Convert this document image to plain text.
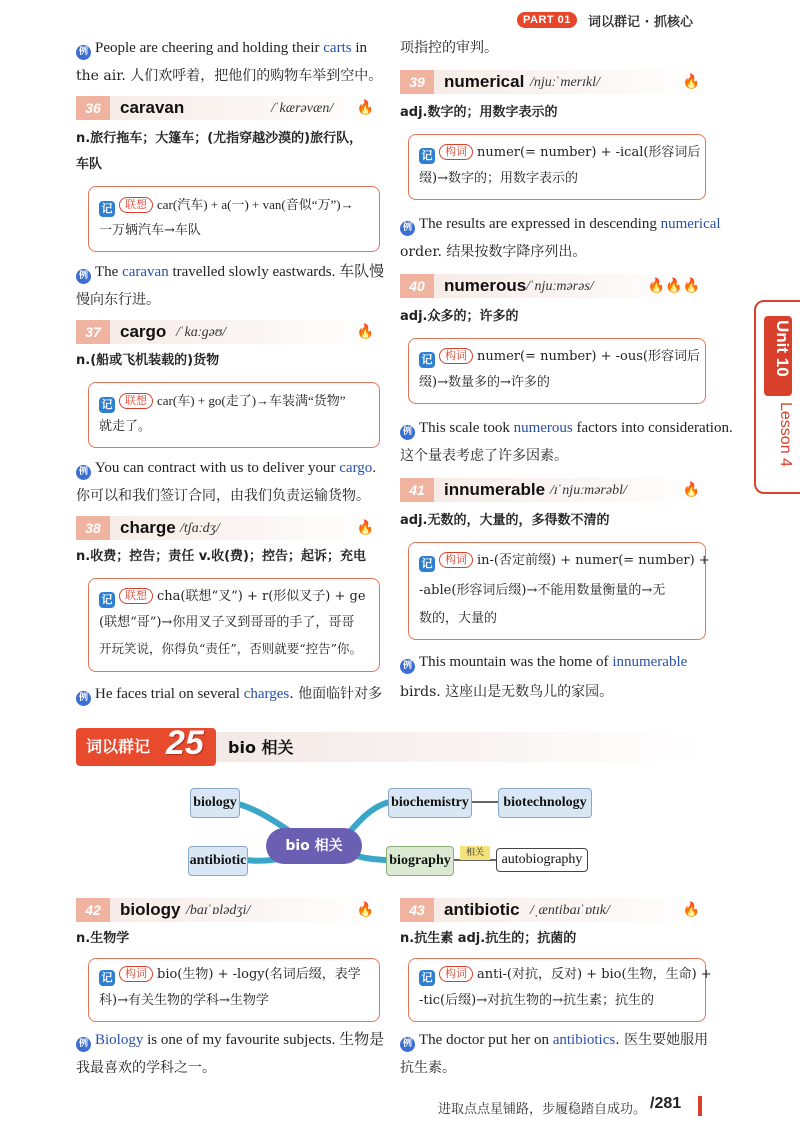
PART 01	词以群记 · 抓核心
Unit 10
Lesson 4
例 People are cheering and holding their carts in
the air. 人们欢呼着，把他们的购物车举到空中。
36	caravan	/ˈkærəvæn/ 🔥
n.旅行拖车；大篷车；(尤指穿越沙漠的)旅行队，
车队
记 联想 car(汽车) + a(一) + van(音似“万”)→
一万辆汽车→车队
例 The caravan travelled slowly eastwards. 车队慢
慢向东行进。
37	cargo /ˈkɑːgəʊ/	🔥
n.(船或飞机装载的)货物
记 联想 car(车) + go(走了)→车装满“货物”
就走了。
例 You can contract with us to deliver your cargo.
你可以和我们签订合同，由我们负责运输货物。
38	charge /tʃɑːdʒ/	🔥
n.收费；控告；责任 v.收(费)；控告；起诉；充电
记 联想 cha(联想“叉”) + r(形似叉子) + ge
(联想“哥”)→你用叉子叉到哥哥的手了，哥哥
开玩笑说，你得负“责任”，否则就要“控告”你。
例 He faces trial on several charges. 他面临针对多
项指控的审判。
39	numerical /njuːˈmerɪkl/	🔥
adj.数字的；用数字表示的
记 构词 numer(= number) + -ical(形容词后
缀)→数字的；用数字表示的
例 The results are expressed in descending numerical
order. 结果按数字降序列出。
40	numerous /ˈnjuːmərəs/	🔥🔥🔥
adj.众多的；许多的
记 构词 numer(= number) + -ous(形容词后
缀)→数量多的→许多的
例 This scale took numerous factors into consideration.
这个量表考虑了许多因素。
41	innumerable /ɪˈnjuːmərəbl/	🔥
adj.无数的，大量的，多得数不清的
记 构词 in-(否定前缀) + numer(= number) +
-able(形容词后缀)→不能用数量衡量的→无
数的，大量的
例 This mountain was the home of innumerable
birds. 这座山是无数鸟儿的家园。
词以群记 25 bio 相关
biology
antibiotic
biochemistry	biotechnology
biography	autobiography
相关
bio 相关
42	biology /baɪˈɒlədʒi/	🔥
n.生物学
记 构词 bio(生物) + -logy(名词后缀，表学
科)→有关生物的学科→生物学
例 Biology is one of my favourite subjects. 生物是
我最喜欢的学科之一。
43	antibiotic /ˌæntibaɪˈɒtɪk/	🔥
n.抗生素 adj.抗生的；抗菌的
记 构词 anti-(对抗，反对) + bio(生物，生命) +
-tic(后缀)→对抗生物的→抗生素；抗生的
例 The doctor put her on antibiotics. 医生要她服用
抗生素。
进取点点星铺路，步履稳踏自成功。 /281
